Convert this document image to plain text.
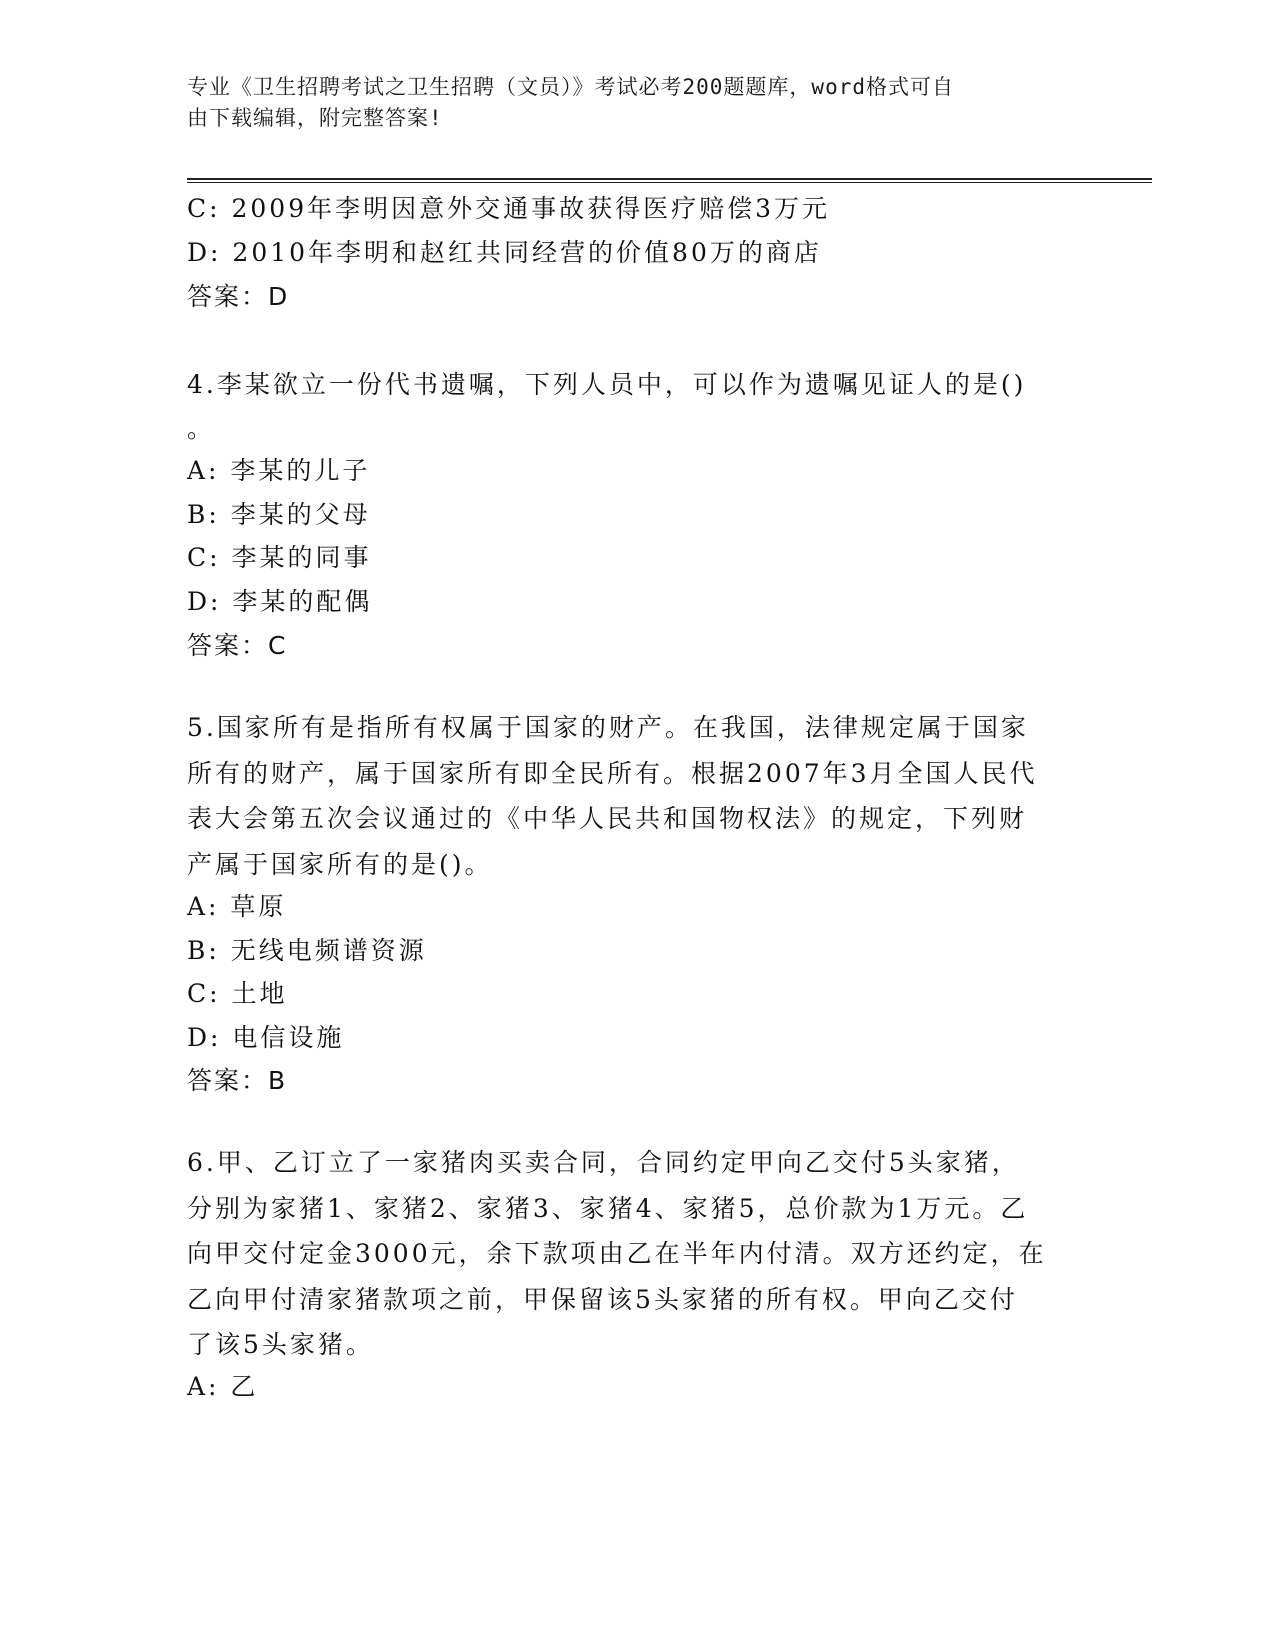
专业《卫生招聘考试之卫生招聘（文员）》考试必考200题题库，word格式可自
由下载编辑，附完整答案!
C: 2009年李明因意外交通事故获得医疗赔偿3万元
D: 2010年李明和赵红共同经营的价值80万的商店
答案：D
4.李某欲立一份代书遗嘱，下列人员中，可以作为遗嘱见证人的是()
。
A: 李某的儿子
B: 李某的父母
C: 李某的同事
D: 李某的配偶
答案：C
5.国家所有是指所有权属于国家的财产。在我国，法律规定属于国家
所有的财产，属于国家所有即全民所有。根据2007年3月全国人民代
表大会第五次会议通过的《中华人民共和国物权法》的规定，下列财
产属于国家所有的是()。
A: 草原
B: 无线电频谱资源
C: 土地
D: 电信设施
答案：B
6.甲、乙订立了一家猪肉买卖合同，合同约定甲向乙交付5头家猪，
分别为家猪1、家猪2、家猪3、家猪4、家猪5，总价款为1万元。乙
向甲交付定金3000元，余下款项由乙在半年内付清。双方还约定，在
乙向甲付清家猪款项之前，甲保留该5头家猪的所有权。甲向乙交付
了该5头家猪。
A: 乙
